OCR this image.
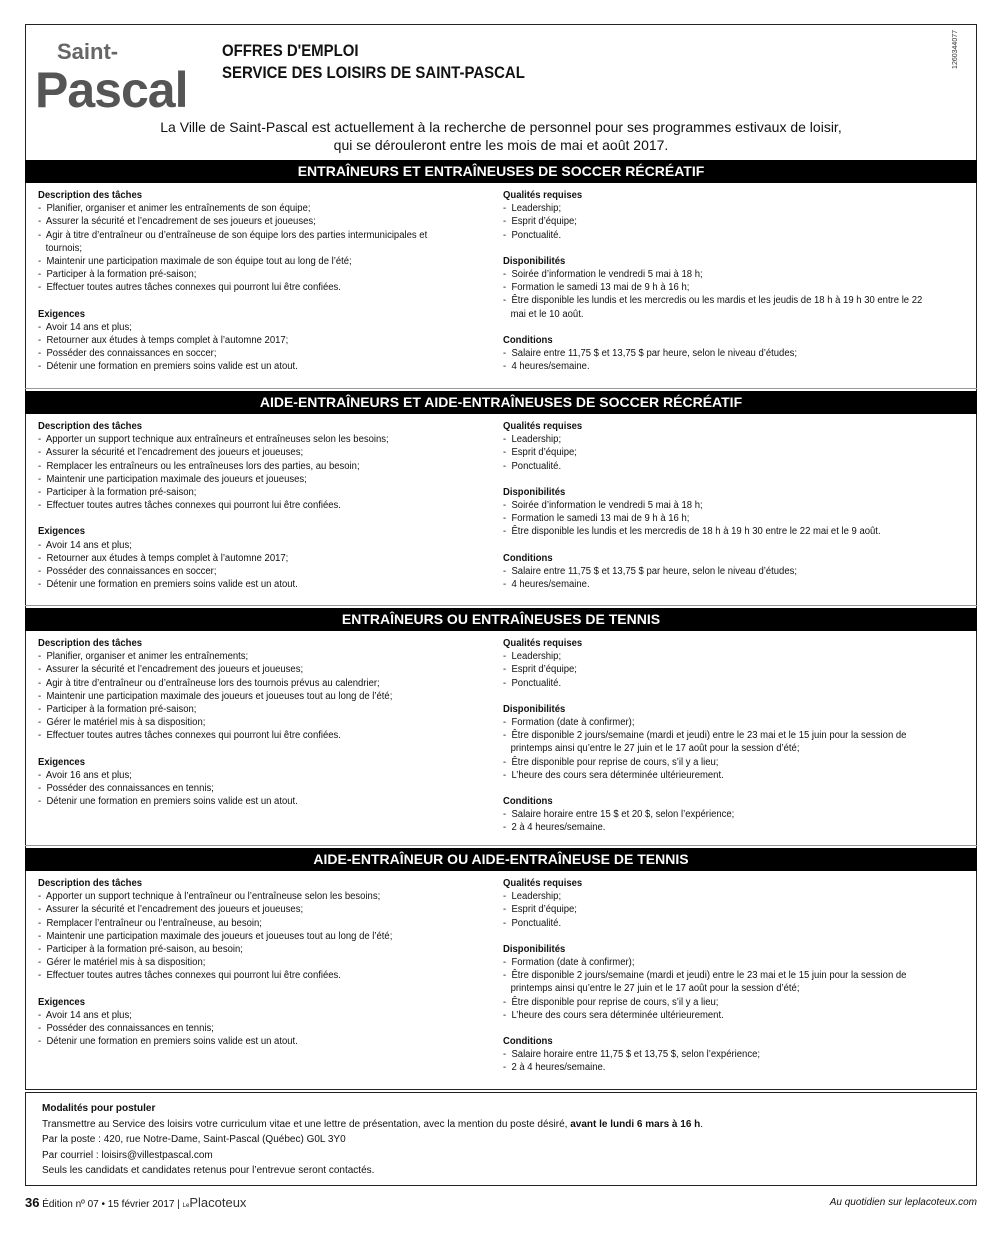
Saint-
Pascal
OFFRES D'EMPLOI
SERVICE DES LOISIRS DE SAINT-PASCAL
1260344077
La Ville de Saint-Pascal est actuellement à la recherche de personnel pour ses programmes estivaux de loisir,
qui se dérouleront entre les mois de mai et août 2017.
ENTRAÎNEURS ET ENTRAÎNEUSES DE SOCCER RÉCRÉATIF
Description des tâches
-  Planifier, organiser et animer les entraînements de son équipe;
-  Assurer la sécurité et l’encadrement de ses joueurs et joueuses;
-  Agir à titre d’entraîneur ou d’entraîneuse de son équipe lors des parties intermunicipales et tournois;
-  Maintenir une participation maximale de son équipe tout au long de l’été;
-  Participer à la formation pré-saison;
-  Effectuer toutes autres tâches connexes qui pourront lui être confiées.
Exigences
-  Avoir 14 ans et plus;
-  Retourner aux études à temps complet à l’automne 2017;
-  Posséder des connaissances en soccer;
-  Détenir une formation en premiers soins valide est un atout.
Qualités requises
-  Leadership;
-  Esprit d’équipe;
-  Ponctualité.
Disponibilités
-  Soirée d’information le vendredi 5 mai à 18 h;
-  Formation le samedi 13 mai de 9 h à 16 h;
-  Être disponible les lundis et les mercredis ou les mardis et les jeudis de 18 h à 19 h 30 entre le 22 mai et le 10 août.
Conditions
-  Salaire entre 11,75 $ et 13,75 $ par heure, selon le niveau d’études;
-  4 heures/semaine.
AIDE-ENTRAÎNEURS ET AIDE-ENTRAÎNEUSES DE SOCCER RÉCRÉATIF
Description des tâches
-  Apporter un support technique aux entraîneurs et entraîneuses selon les besoins;
-  Assurer la sécurité et l’encadrement des joueurs et joueuses;
-  Remplacer les entraîneurs ou les entraîneuses lors des parties, au besoin;
-  Maintenir une participation maximale des joueurs et joueuses;
-  Participer à la formation pré-saison;
-  Effectuer toutes autres tâches connexes qui pourront lui être confiées.
Exigences
-  Avoir 14 ans et plus;
-  Retourner aux études à temps complet à l’automne 2017;
-  Posséder des connaissances en soccer;
-  Détenir une formation en premiers soins valide est un atout.
Qualités requises
-  Leadership;
-  Esprit d’équipe;
-  Ponctualité.
Disponibilités
-  Soirée d’information le vendredi 5 mai à 18 h;
-  Formation le samedi 13 mai de 9 h à 16 h;
-  Être disponible les lundis et les mercredis de 18 h à 19 h 30 entre le 22 mai et le 9 août.
Conditions
-  Salaire entre 11,75 $ et 13,75 $ par heure, selon le niveau d’études;
-  4 heures/semaine.
ENTRAÎNEURS OU ENTRAÎNEUSES DE TENNIS
Description des tâches
-  Planifier, organiser et animer les entraînements;
-  Assurer la sécurité et l’encadrement des joueurs et joueuses;
-  Agir à titre d’entraîneur ou d’entraîneuse lors des tournois prévus au calendrier;
-  Maintenir une participation maximale des joueurs et joueuses tout au long de l’été;
-  Participer à la formation pré-saison;
-  Gérer le matériel mis à sa disposition;
-  Effectuer toutes autres tâches connexes qui pourront lui être confiées.
Exigences
-  Avoir 16 ans et plus;
-  Posséder des connaissances en tennis;
-  Détenir une formation en premiers soins valide est un atout.
Qualités requises
-  Leadership;
-  Esprit d’équipe;
-  Ponctualité.
Disponibilités
-  Formation (date à confirmer);
-  Être disponible 2 jours/semaine (mardi et jeudi) entre le 23 mai et le 15 juin pour la session de printemps ainsi qu’entre le 27 juin et le 17 août pour la session d’été;
-  Être disponible pour reprise de cours, s’il y a lieu;
-  L’heure des cours sera déterminée ultérieurement.
Conditions
-  Salaire horaire entre 15 $ et 20 $, selon l’expérience;
-  2 à 4 heures/semaine.
AIDE-ENTRAÎNEUR OU AIDE-ENTRAÎNEUSE DE TENNIS
Description des tâches
-  Apporter un support technique à l’entraîneur ou l’entraîneuse selon les besoins;
-  Assurer la sécurité et l’encadrement des joueurs et joueuses;
-  Remplacer l’entraîneur ou l’entraîneuse, au besoin;
-  Maintenir une participation maximale des joueurs et joueuses tout au long de l’été;
-  Participer à la formation pré-saison, au besoin;
-  Gérer le matériel mis à sa disposition;
-  Effectuer toutes autres tâches connexes qui pourront lui être confiées.
Exigences
-  Avoir 14 ans et plus;
-  Posséder des connaissances en tennis;
-  Détenir une formation en premiers soins valide est un atout.
Qualités requises
-  Leadership;
-  Esprit d’équipe;
-  Ponctualité.
Disponibilités
-  Formation (date à confirmer);
-  Être disponible 2 jours/semaine (mardi et jeudi) entre le 23 mai et le 15 juin pour la session de printemps ainsi qu’entre le 27 juin et le 17 août pour la session d’été;
-  Être disponible pour reprise de cours, s’il y a lieu;
-  L’heure des cours sera déterminée ultérieurement.
Conditions
-  Salaire horaire entre 11,75 $ et 13,75 $, selon l’expérience;
-  2 à 4 heures/semaine.
Modalités pour postuler
Transmettre au Service des loisirs votre curriculum vitae et une lettre de présentation, avec la mention du poste désiré, avant le lundi 6 mars à 16 h.
Par la poste : 420, rue Notre-Dame, Saint-Pascal (Québec) G0L 3Y0
Par courriel : loisirs@villestpascal.com
Seuls les candidats et candidates retenus pour l’entrevue seront contactés.
36 Édition nº 07 • 15 février 2017 | LePlacoteux	Au quotidien sur leplacoteux.com
